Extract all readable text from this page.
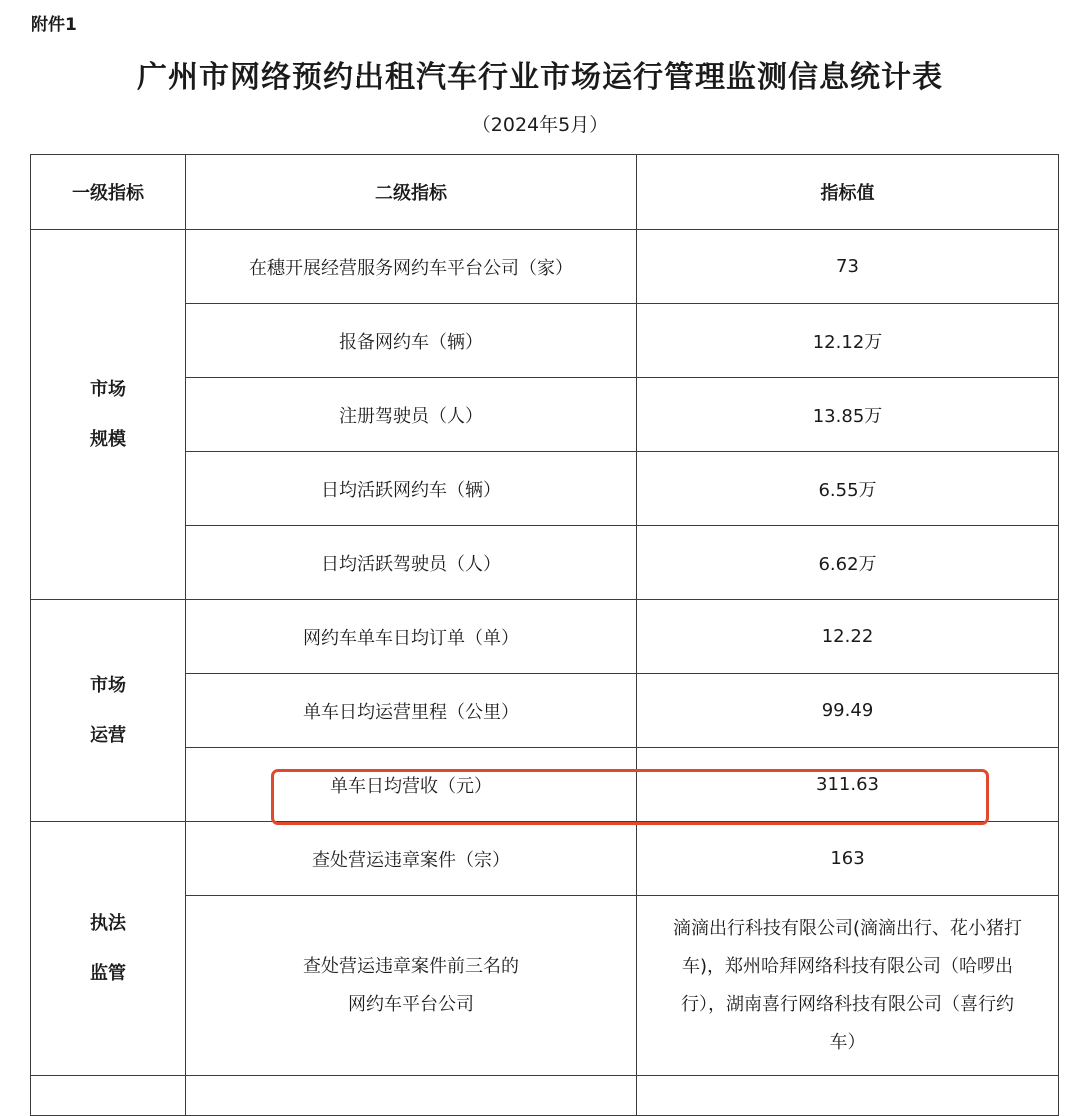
附件1
广州市网络预约出租汽车行业市场运行管理监测信息统计表
（2024年5月）
一级指标	二级指标	指标值

市场
规模	在穗开展经营服务网约车平台公司（家）	73
	报备网约车（辆）	12.12万
	注册驾驶员（人）	13.85万
	日均活跃网约车（辆）	6.55万
	日均活跃驾驶员（人）	6.62万

市场
运营	网约车单车日均订单（单）	12.22
	单车日均运营里程（公里）	99.49
	单车日均营收（元）	311.63

执法
监管	查处营运违章案件（宗）	163

	查处营运违章案件前三名的
网约车平台公司	滴滴出行科技有限公司(滴滴出行、花小猪打
车)，郑州哈拜网络科技有限公司（哈啰出
行），湖南喜行网络科技有限公司（喜行约
车）
